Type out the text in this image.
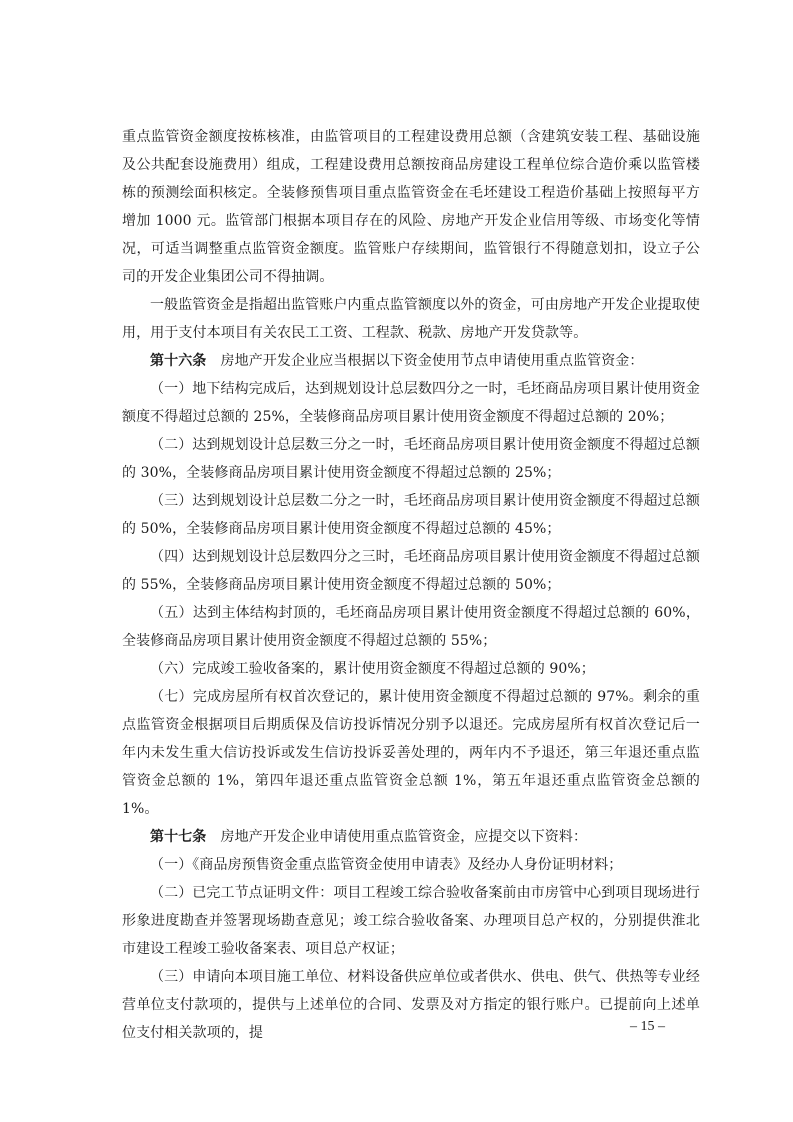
重点监管资金额度按栋核准，由监管项目的工程建设费用总额（含建筑安装工程、基础设施及公共配套设施费用）组成，工程建设费用总额按商品房建设工程单位综合造价乘以监管楼栋的预测绘面积核定。全装修预售项目重点监管资金在毛坯建设工程造价基础上按照每平方增加 1000 元。监管部门根据本项目存在的风险、房地产开发企业信用等级、市场变化等情况，可适当调整重点监管资金额度。监管账户存续期间，监管银行不得随意划扣，设立子公司的开发企业集团公司不得抽调。

一般监管资金是指超出监管账户内重点监管额度以外的资金，可由房地产开发企业提取使用，用于支付本项目有关农民工工资、工程款、税款、房地产开发贷款等。

第十六条　房地产开发企业应当根据以下资金使用节点申请使用重点监管资金：

（一）地下结构完成后，达到规划设计总层数四分之一时，毛坯商品房项目累计使用资金额度不得超过总额的 25%，全装修商品房项目累计使用资金额度不得超过总额的 20%；

（二）达到规划设计总层数三分之一时，毛坯商品房项目累计使用资金额度不得超过总额的 30%，全装修商品房项目累计使用资金额度不得超过总额的 25%；

（三）达到规划设计总层数二分之一时，毛坯商品房项目累计使用资金额度不得超过总额的 50%，全装修商品房项目累计使用资金额度不得超过总额的 45%；

（四）达到规划设计总层数四分之三时，毛坯商品房项目累计使用资金额度不得超过总额的 55%，全装修商品房项目累计使用资金额度不得超过总额的 50%；

（五）达到主体结构封顶的，毛坯商品房项目累计使用资金额度不得超过总额的 60%，全装修商品房项目累计使用资金额度不得超过总额的 55%；

（六）完成竣工验收备案的，累计使用资金额度不得超过总额的 90%；

（七）完成房屋所有权首次登记的，累计使用资金额度不得超过总额的 97%。剩余的重点监管资金根据项目后期质保及信访投诉情况分别予以退还。完成房屋所有权首次登记后一年内未发生重大信访投诉或发生信访投诉妥善处理的，两年内不予退还，第三年退还重点监管资金总额的 1%，第四年退还重点监管资金总额 1%，第五年退还重点监管资金总额的 1%。

第十七条　房地产开发企业申请使用重点监管资金，应提交以下资料：

（一）《商品房预售资金重点监管资金使用申请表》及经办人身份证明材料；

（二）已完工节点证明文件：项目工程竣工综合验收备案前由市房管中心到项目现场进行形象进度勘查并签署现场勘查意见；竣工综合验收备案、办理项目总产权的，分别提供淮北市建设工程竣工验收备案表、项目总产权证；

（三）申请向本项目施工单位、材料设备供应单位或者供水、供电、供气、供热等专业经营单位支付款项的，提供与上述单位的合同、发票及对方指定的银行账户。已提前向上述单位支付相关款项的，提	– 15 –
